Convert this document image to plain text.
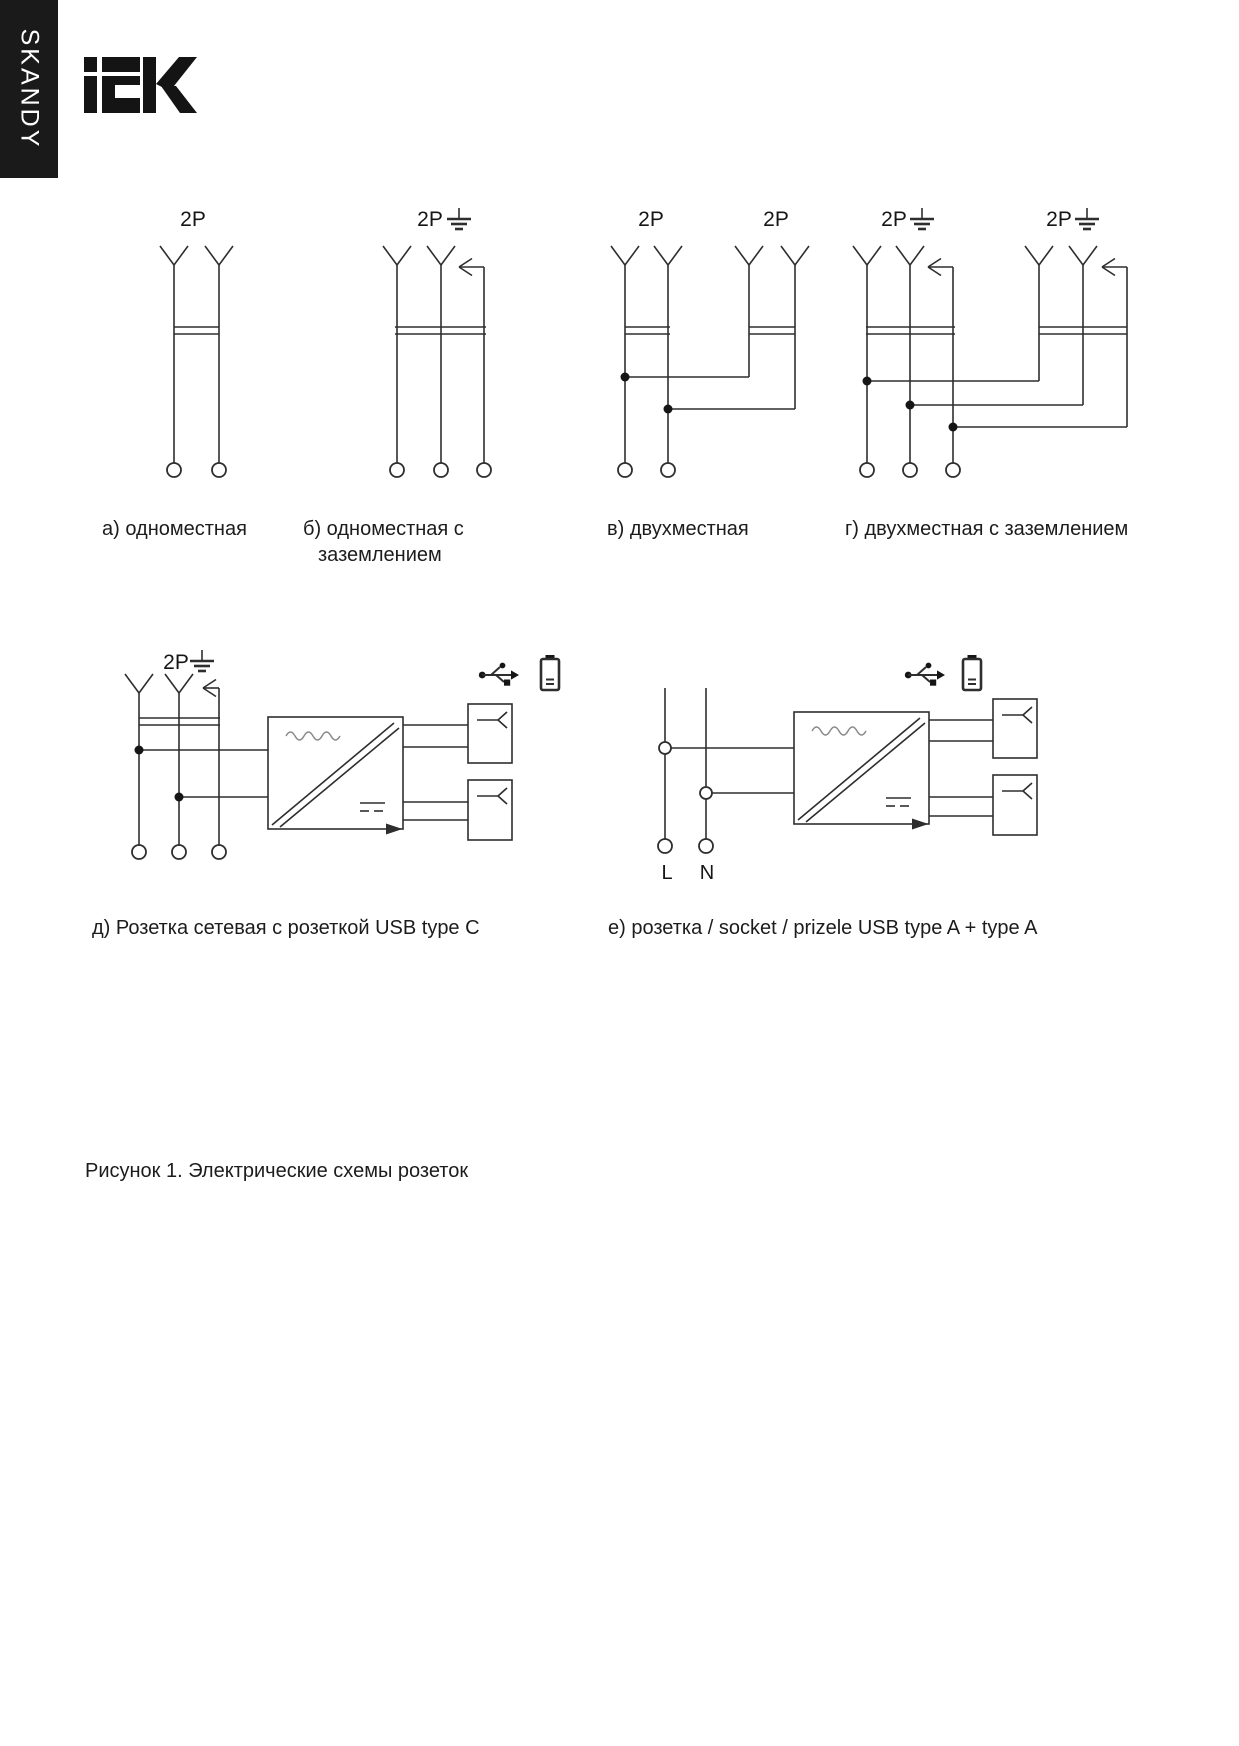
SKANDY
2P	2P	2P	2P	2P	2P
2P
L N
а) одноместная	б) одноместная с
заземлением
в) двухместная	г) двухместная с заземлением
д) Розетка сетевая с розеткой USB type C	е) розетка / socket / prizele USB type A + type A
Рисунок 1. Электрические схемы розеток
